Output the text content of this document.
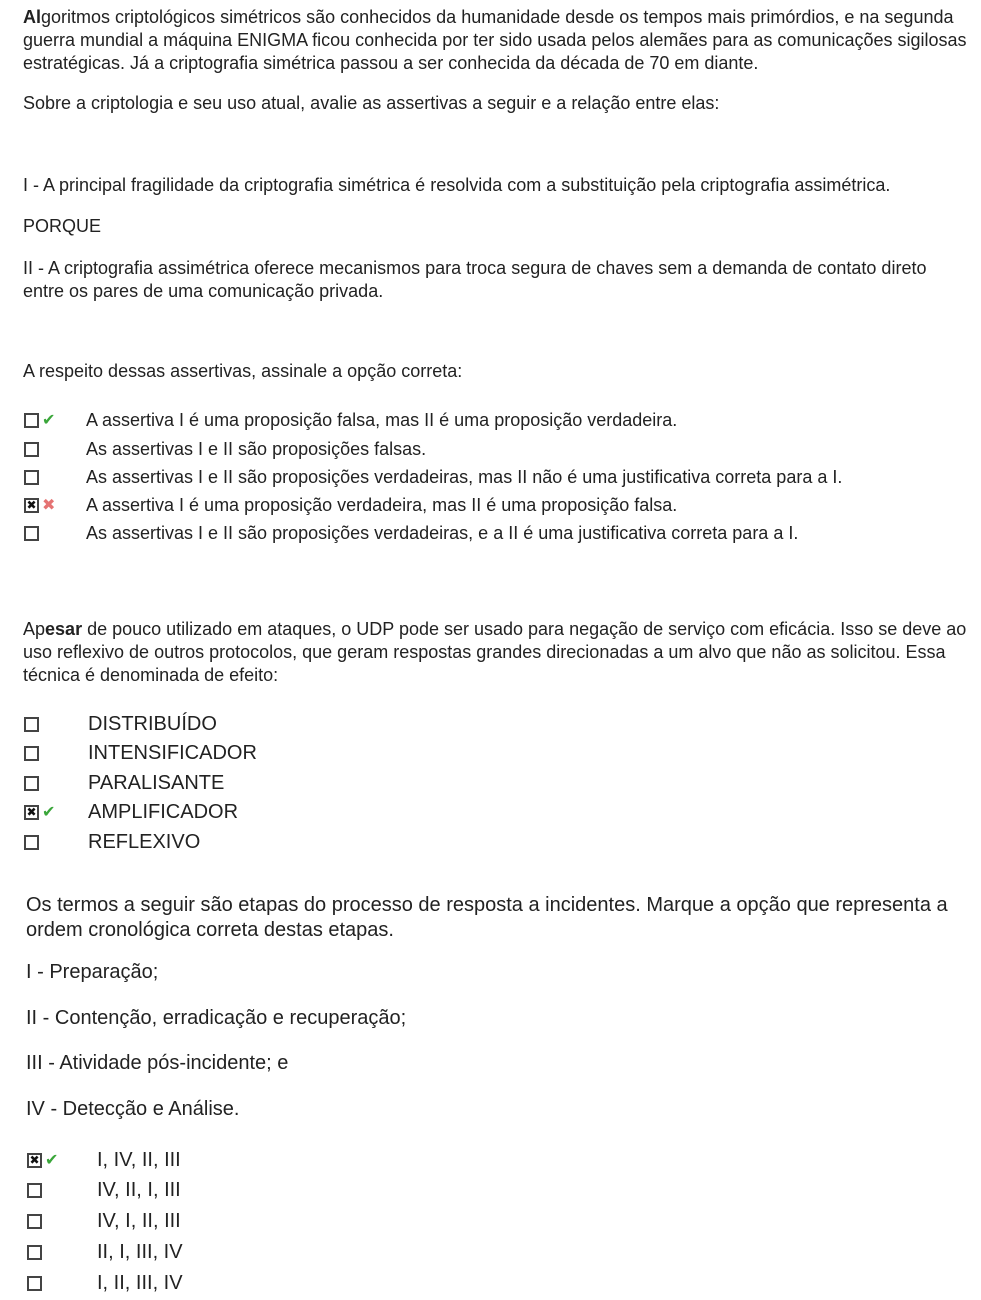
Algoritmos criptológicos simétricos são conhecidos da humanidade desde os tempos mais primórdios, e na segunda guerra mundial a máquina ENIGMA ficou conhecida por ter sido usada pelos alemães para as comunicações sigilosas estratégicas. Já a criptografia simétrica passou a ser conhecida da década de 70 em diante.

Sobre a criptologia e seu uso atual, avalie as assertivas a seguir e a relação entre elas:

I - A principal fragilidade da criptografia simétrica é resolvida com a substituição pela criptografia assimétrica.

PORQUE

II - A criptografia assimétrica oferece mecanismos para troca segura de chaves sem a demanda de contato direto entre os pares de uma comunicação privada.

A respeito dessas assertivas, assinale a opção correta:

✔	A assertiva I é uma proposição falsa, mas II é uma proposição verdadeira.
As assertivas I e II são proposições falsas.
As assertivas I e II são proposições verdadeiras, mas II não é uma justificativa correta para a I.
✖ ✖	A assertiva I é uma proposição verdadeira, mas II é uma proposição falsa.
As assertivas I e II são proposições verdadeiras, e a II é uma justificativa correta para a I.

Apesar de pouco utilizado em ataques, o UDP pode ser usado para negação de serviço com eficácia. Isso se deve ao uso reflexivo de outros protocolos, que geram respostas grandes direcionadas a um alvo que não as solicitou. Essa técnica é denominada de efeito:

DISTRIBUÍDO
INTENSIFICADOR
PARALISANTE
✖ ✔	AMPLIFICADOR
REFLEXIVO

Os termos a seguir são etapas do processo de resposta a incidentes. Marque a opção que representa a ordem cronológica correta destas etapas.

I - Preparação;

II - Contenção, erradicação e recuperação;

III - Atividade pós-incidente; e

IV - Detecção e Análise.

✖ ✔	I, IV, II, III
IV, II, I, III
IV, I, II, III
II, I, III, IV
I, II, III, IV
